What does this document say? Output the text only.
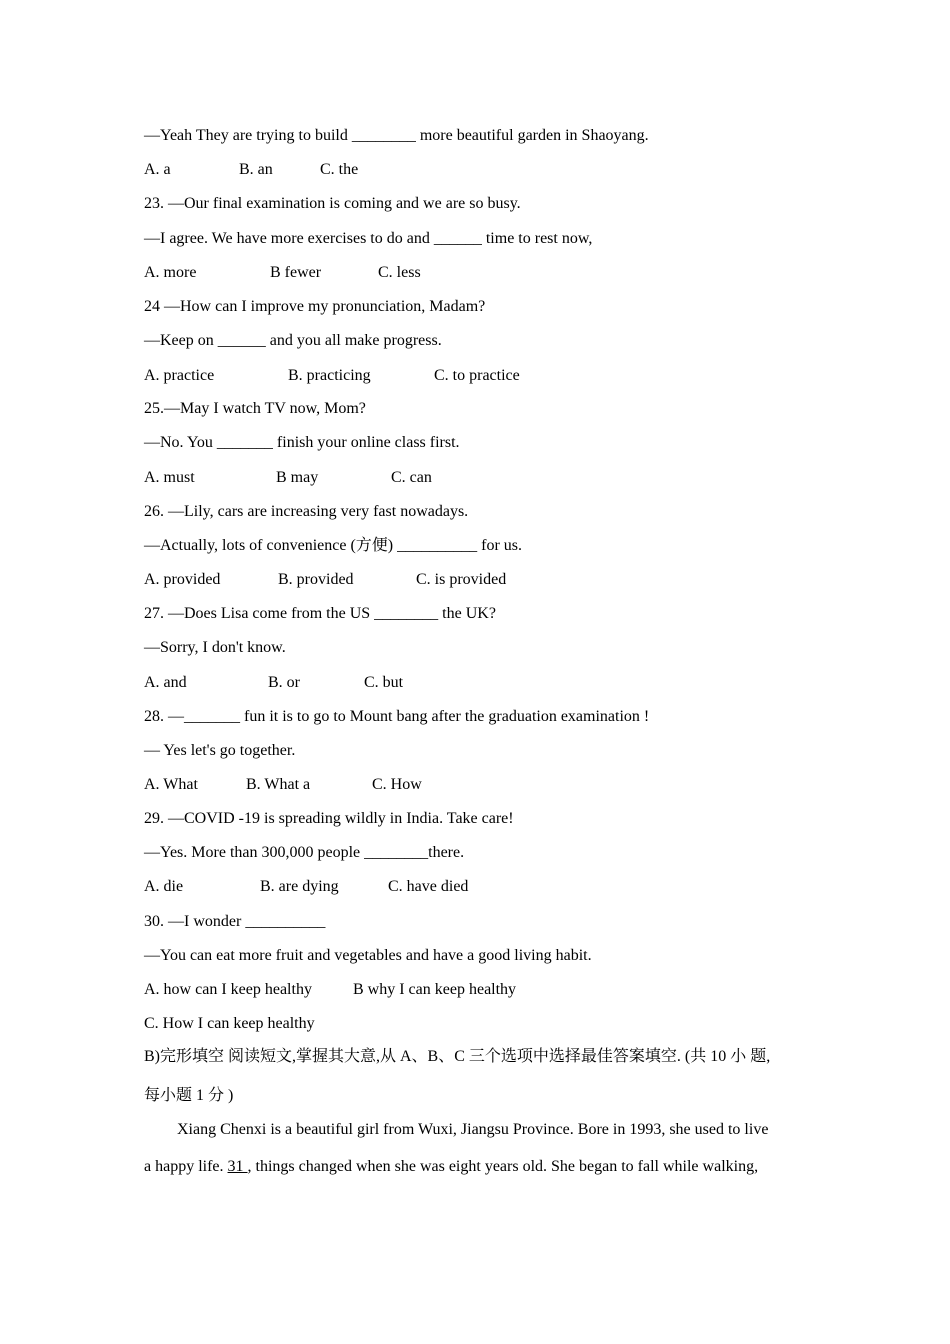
—Yeah They are trying to build ________ more beautiful garden in Shaoyang.
A. a	B. an	C. the
23. —Our final examination is coming and we are so busy.
—I agree. We have more exercises to do and ______ time to rest now,
A. more	B fewer	C. less
24 —How can I improve my pronunciation, Madam?
—Keep on ______ and you all make progress.
A. practice	B. practicing	C. to practice
25.—May I watch TV now, Mom?
—No. You _______ finish your online class first.
A. must	B may	C. can
26. —Lily, cars are increasing very fast nowadays.
—Actually, lots of convenience (方便) __________ for us.
A. provided	B. provided	C. is provided
27. —Does Lisa come from the US ________ the UK?
—Sorry, I don't know.
A. and	B. or	C. but
28. —_______ fun it is to go to Mount bang after the graduation examination !
— Yes let's go together.
A. What	B. What a	C. How
29. —COVID -19 is spreading wildly in India. Take care!
—Yes. More than 300,000 people ________there.
A. die	B. are dying	C. have died
30. —I wonder __________
—You can eat more fruit and vegetables and have a good living habit.
A. how can I keep healthy	B why I can keep healthy
C. How I can keep healthy
B)完形填空 阅读短文,掌握其大意,从 A、B、C 三个选项中选择最佳答案填空. (共 10 小 题,
每小题 1 分 )
Xiang Chenxi is a beautiful girl from Wuxi, Jiangsu Province. Bore in 1993, she used to live
a happy life. 31 , things changed when she was eight years old. She began to fall while walking,
